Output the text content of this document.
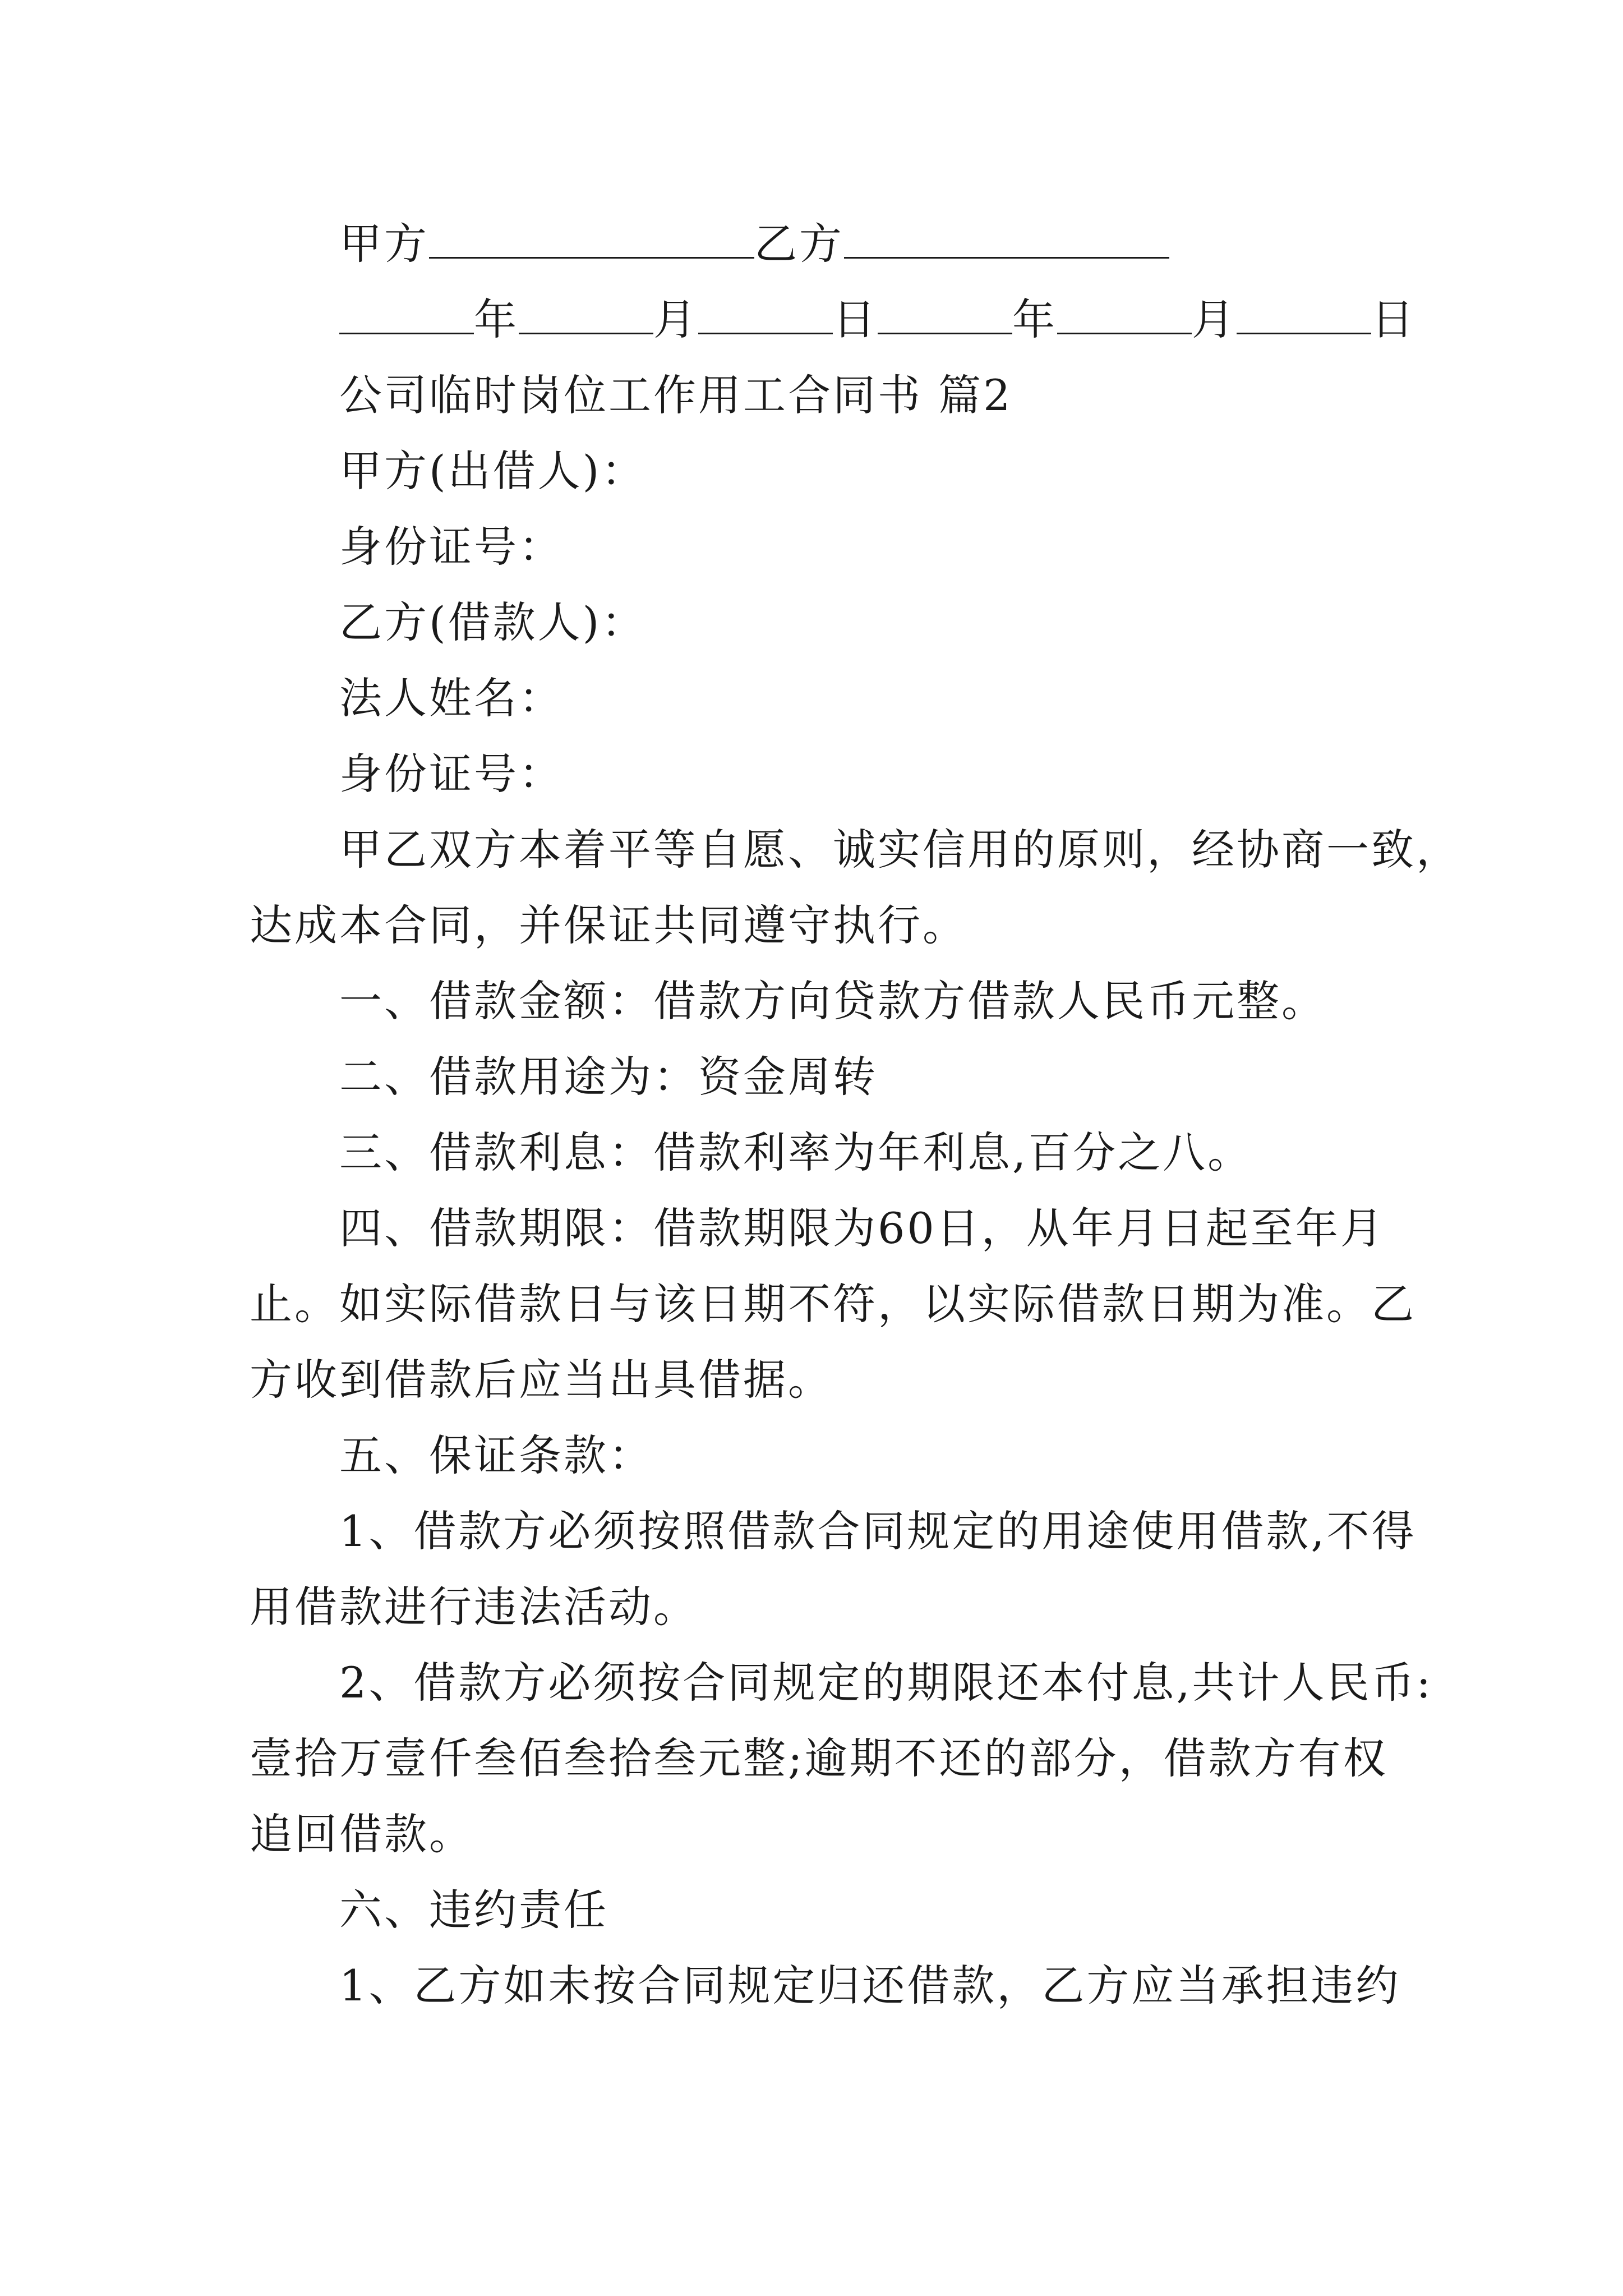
甲方	乙方
年	月	日	年	月	日
公司临时岗位工作用工合同书 篇2
甲方(出借人)：
身份证号：
乙方(借款人)：
法人姓名：
身份证号：
甲乙双方本着平等自愿、诚实信用的原则，经协商一致，
达成本合同，并保证共同遵守执行。
一、借款金额：借款方向贷款方借款人民币元整。
二、借款用途为：资金周转
三、借款利息：借款利率为年利息,百分之八。
四、借款期限：借款期限为60日，从年月日起至年月
止。如实际借款日与该日期不符，以实际借款日期为准。乙
方收到借款后应当出具借据。
五、保证条款：
1、借款方必须按照借款合同规定的用途使用借款,不得
用借款进行违法活动。
2、借款方必须按合同规定的期限还本付息,共计人民币:
壹拾万壹仟叁佰叁拾叁元整;逾期不还的部分，借款方有权
追回借款。
六、违约责任
1、乙方如未按合同规定归还借款，乙方应当承担违约
